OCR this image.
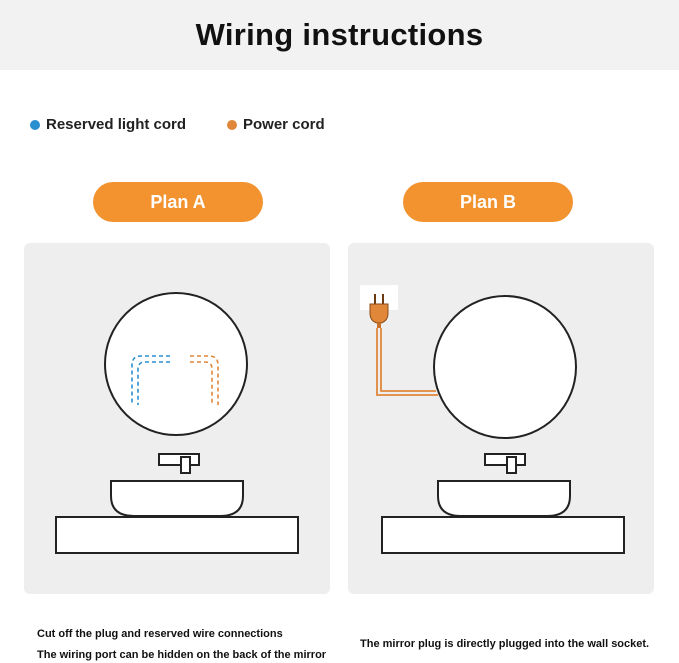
Wiring instructions
Reserved light cord	Power cord
Plan A	Plan B
Cut off the plug and reserved wire connections
The wiring port can be hidden on the back of the mirror
The mirror plug is directly plugged into the wall socket.
